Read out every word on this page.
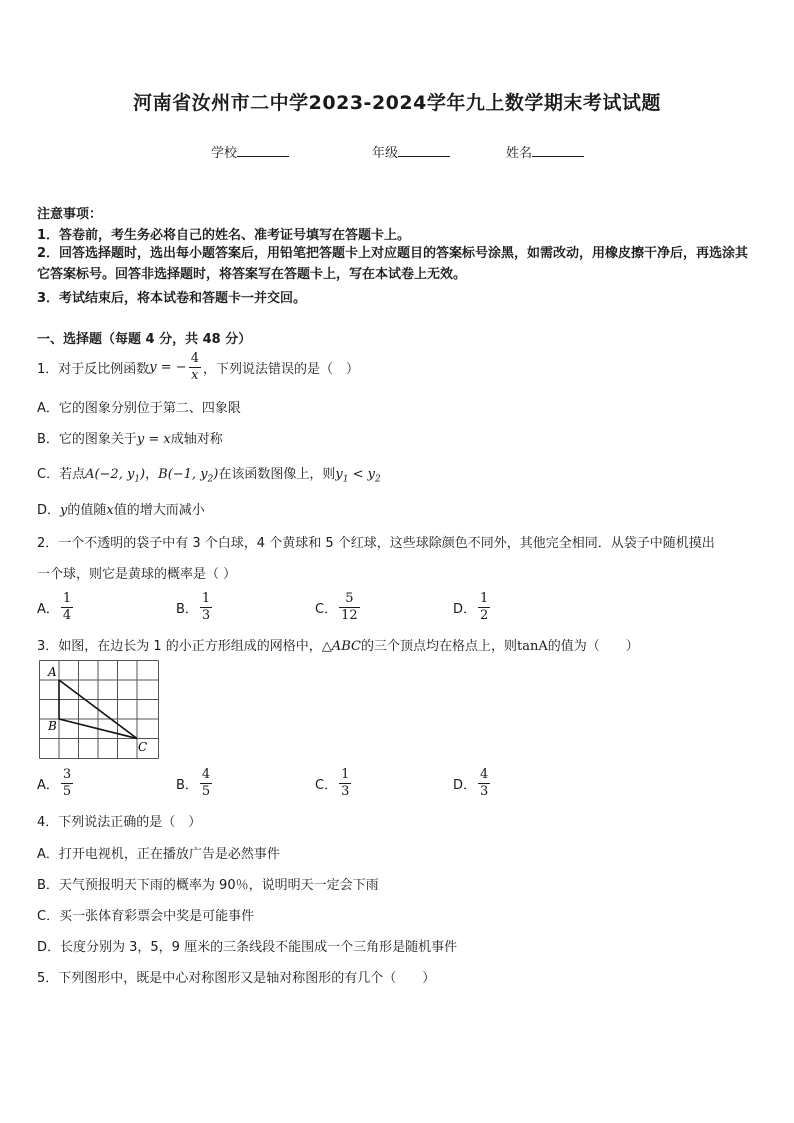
河南省汝州市二中学2023-2024学年九上数学期末考试试题
学校	年级	姓名
注意事项：
1．答卷前，考生务必将自己的姓名、准考证号填写在答题卡上。
2．回答选择题时，选出每小题答案后，用铅笔把答题卡上对应题目的答案标号涂黑，如需改动，用橡皮擦干净后，再选涂其它答案标号。回答非选择题时，将答案写在答题卡上，写在本试卷上无效。
3．考试结束后，将本试卷和答题卡一并交回。
一、选择题（每题 4 分，共 48 分）
1．对于反比例函数 y = − $\frac{4}{x}$ ，下列说法错误的是（　）
A．它的图象分别位于第二、四象限
B．它的图象关于y = x成轴对称
C．若点A(−2, $y_1$)，B(−1, $y_2$)在该函数图像上，则$y_1 < y_2$
D．y的值随x值的增大而减小
2．一个不透明的袋子中有 3 个白球，4 个黄球和 5 个红球，这些球除颜色不同外，其他完全相同．从袋子中随机摸出
一个球，则它是黄球的概率是（ ）
A． $\frac{1}{4}$	B． $\frac{1}{3}$	C． $\frac{5}{12}$	D． $\frac{1}{2}$
3．如图，在边长为 1 的小正方形组成的网格中，△ABC的三个顶点均在格点上，则tanA的值为（　　）
A
B
C
A． $\frac{3}{5}$	B． $\frac{4}{5}$	C． $\frac{1}{3}$	D． $\frac{4}{3}$
4．下列说法正确的是（　）
A．打开电视机，正在播放广告是必然事件
B．天气预报明天下雨的概率为 90％，说明明天一定会下雨
C．买一张体育彩票会中奖是可能事件
D．长度分别为 3，5，9 厘米的三条线段不能围成一个三角形是随机事件
5．下列图形中，既是中心对称图形又是轴对称图形的有几个（　　）
